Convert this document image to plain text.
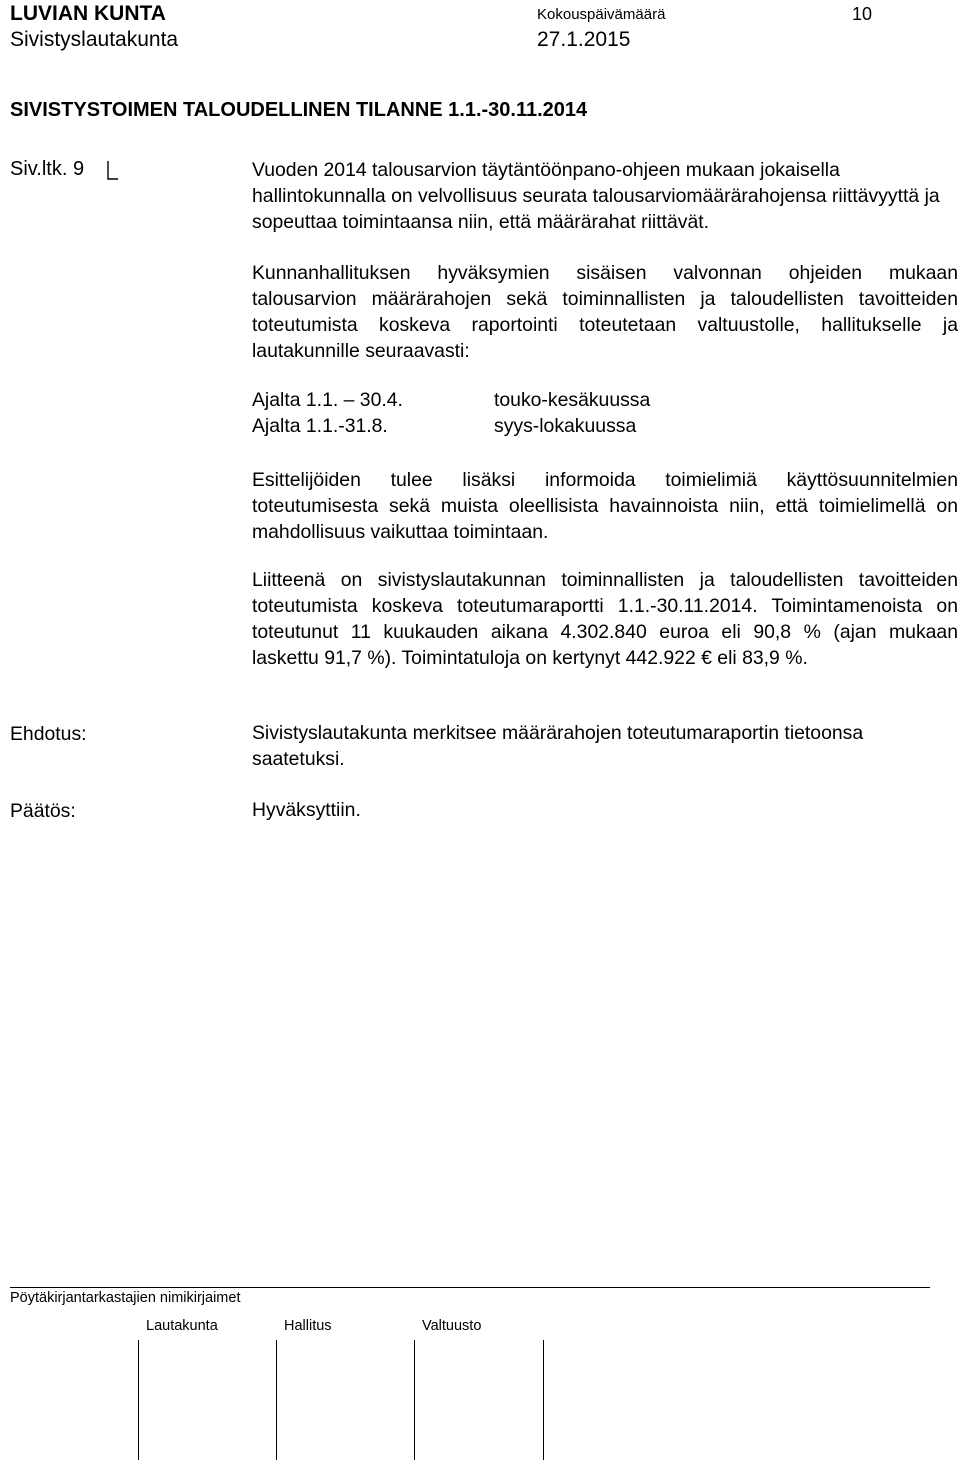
LUVIAN KUNTA	Kokouspäivämäärä	10
Sivistyslautakunta	27.1.2015
SIVISTYSTOIMEN TALOUDELLINEN TILANNE 1.1.-30.11.2014
Siv.ltk. 9	Vuoden 2014 talousarvion täytäntöönpano-ohjeen mukaan jokaisella hallintokunnalla on velvollisuus seurata talousarviomäärärahojensa riittävyyttä ja sopeuttaa toimintaansa niin, että määrärahat riittävät.
Kunnanhallituksen hyväksymien sisäisen valvonnan ohjeiden mukaan talousarvion määrärahojen sekä toiminnallisten ja taloudellisten tavoitteiden toteutumista koskeva raportointi toteutetaan valtuustolle, hallitukselle ja lautakunnille seuraavasti:
Ajalta 1.1. – 30.4.	touko-kesäkuussa
Ajalta 1.1.-31.8.	syys-lokakuussa
Esittelijöiden tulee lisäksi informoida toimielimiä käyttösuunnitelmien toteutumisesta sekä muista oleellisista havainnoista niin, että toimielimellä on mahdollisuus vaikuttaa toimintaan.
Liitteenä on sivistyslautakunnan toiminnallisten ja taloudellisten tavoitteiden toteutumista koskeva toteutumaraportti 1.1.-30.11.2014. Toimintamenoista on toteutunut 11 kuukauden aikana 4.302.840 euroa eli 90,8 % (ajan mukaan laskettu 91,7 %). Toimintatuloja on kertynyt 442.922 € eli 83,9 %.
Ehdotus:	Sivistyslautakunta merkitsee määrärahojen toteutumaraportin tietoonsa saatetuksi.
Päätös:	Hyväksyttiin.
Pöytäkirjantarkastajien nimikirjaimet
Lautakunta	Hallitus	Valtuusto
